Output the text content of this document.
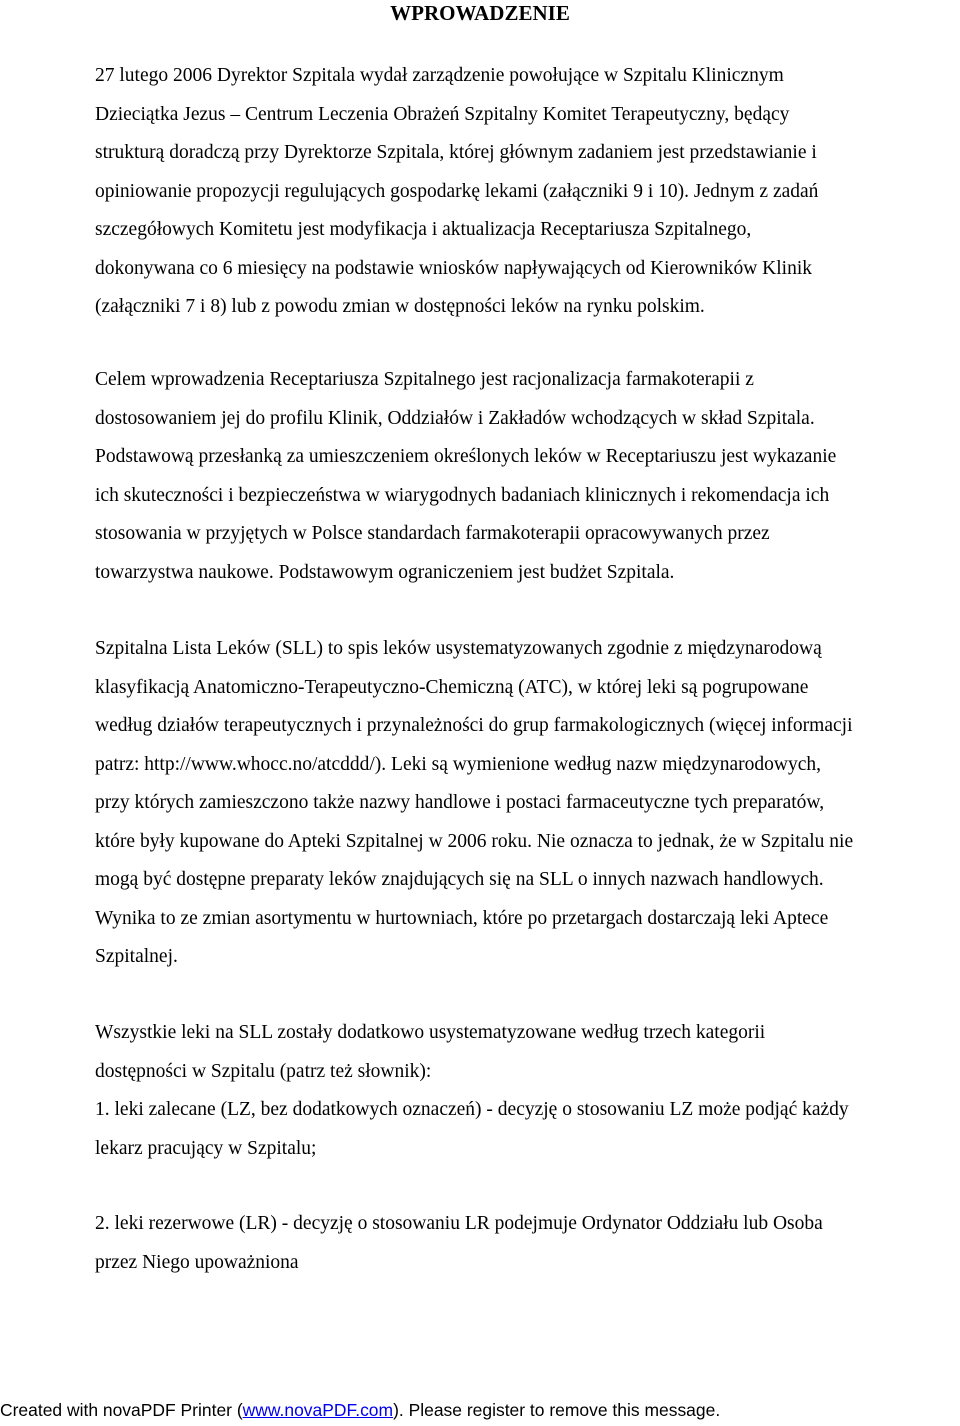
WPROWADZENIE

27 lutego 2006 Dyrektor Szpitala wydał zarządzenie powołujące w Szpitalu Klinicznym
Dzieciątka Jezus – Centrum Leczenia Obrażeń Szpitalny Komitet Terapeutyczny, będący
strukturą doradczą przy Dyrektorze Szpitala, której głównym zadaniem jest przedstawianie i
opiniowanie propozycji regulujących gospodarkę lekami (załączniki 9 i 10). Jednym z zadań
szczegółowych Komitetu jest modyfikacja i aktualizacja Receptariusza Szpitalnego,
dokonywana co 6 miesięcy na podstawie wniosków napływających od Kierowników Klinik
(załączniki 7 i 8) lub z powodu zmian w dostępności leków na rynku polskim.

Celem wprowadzenia Receptariusza Szpitalnego jest racjonalizacja farmakoterapii z
dostosowaniem jej do profilu Klinik, Oddziałów i Zakładów wchodzących w skład Szpitala.
Podstawową przesłanką za umieszczeniem określonych leków w Receptariuszu jest wykazanie
ich skuteczności i bezpieczeństwa w wiarygodnych badaniach klinicznych i rekomendacja ich
stosowania w przyjętych w Polsce standardach farmakoterapii opracowywanych przez
towarzystwa naukowe. Podstawowym ograniczeniem jest budżet Szpitala.

Szpitalna Lista Leków (SLL) to spis leków usystematyzowanych zgodnie z międzynarodową
klasyfikacją Anatomiczno-Terapeutyczno-Chemiczną (ATC), w której leki są pogrupowane
według działów terapeutycznych i przynależności do grup farmakologicznych (więcej informacji
patrz: http://www.whocc.no/atcddd/). Leki są wymienione według nazw międzynarodowych,
przy których zamieszczono także nazwy handlowe i postaci farmaceutyczne tych preparatów,
które były kupowane do Apteki Szpitalnej w 2006 roku. Nie oznacza to jednak, że w Szpitalu nie
mogą być dostępne preparaty leków znajdujących się na SLL o innych nazwach handlowych.
Wynika to ze zmian asortymentu w hurtowniach, które po przetargach dostarczają leki Aptece
Szpitalnej.

Wszystkie leki na SLL zostały dodatkowo usystematyzowane według trzech kategorii
dostępności w Szpitalu (patrz też słownik):
1. leki zalecane (LZ, bez dodatkowych oznaczeń) - decyzję o stosowaniu LZ może podjąć każdy
lekarz pracujący w Szpitalu;

2. leki rezerwowe (LR) - decyzję o stosowaniu LR podejmuje Ordynator Oddziału lub Osoba
przez Niego upoważniona

Created with novaPDF Printer (www.novaPDF.com). Please register to remove this message.
